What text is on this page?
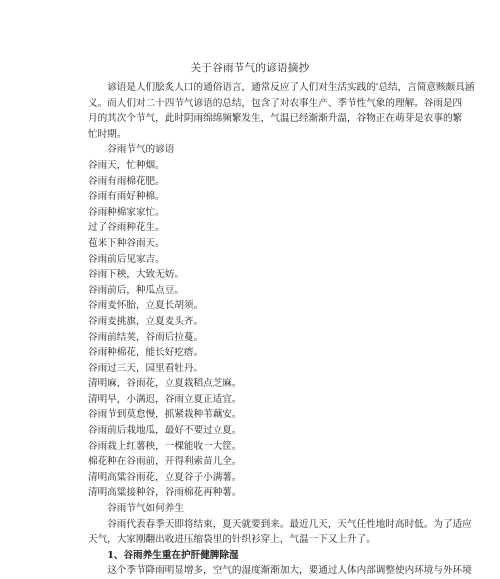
关于谷雨节气的谚语摘抄

谚语是人们脍炙人口的通俗语言，通常反应了人们对生活实践的'总结，言简意赅颇具涵

义。而人们对二十四节气谚语的总结，包含了对农事生产、季节性气象的理解。谷雨是四

月的其次个节气，此时阴雨绵绵频繁发生，气温已经渐渐升温，谷物正在萌芽是农事的繁

忙时期。

谷雨节气的谚语

谷雨天，忙种烟。
谷雨有雨棉花肥。
谷雨有雨好种棉。
谷雨种棉家家忙。
过了谷雨种花生。
苞米下种谷雨天。
谷雨前后见家吉。
谷雨下秧，大致无妨。
谷雨前后，种瓜点豆。
谷雨麦怀胎，立夏长胡须。
谷雨麦挑旗，立夏麦头齐。
谷雨前结荚，谷雨后拉蔓。
谷雨种棉花，能长好疙瘩。
谷雨过三天，园里看牡丹。
清明麻，谷雨花，立夏栽稻点芝麻。
清明早，小满迟，谷雨立夏正适宜。
谷雨节到莫怠慢，抓紧栽种苇藕安。
谷雨前后栽地瓜，最好不要过立夏。
谷雨栽上红薯秧，一棵能收一大筐。
棉花种在谷雨前，开得利索苗儿全。
清明高粱谷雨花，立夏谷子小满薯。
清明高粱接种谷，谷雨棉花再种薯。

谷雨节气如何养生

谷雨代表春季天即将结束，夏天就要到来。最近几天，天气任性地时高时低。为了适应

天气，大家刚翻出收进压缩袋里的针织衫穿上，气温一下又上升了。

1、谷雨养生重在护肝健脾除湿

这个季节降雨明显增多，空气的湿度渐渐加大，要通过人体内部调整使内环境与外环境
